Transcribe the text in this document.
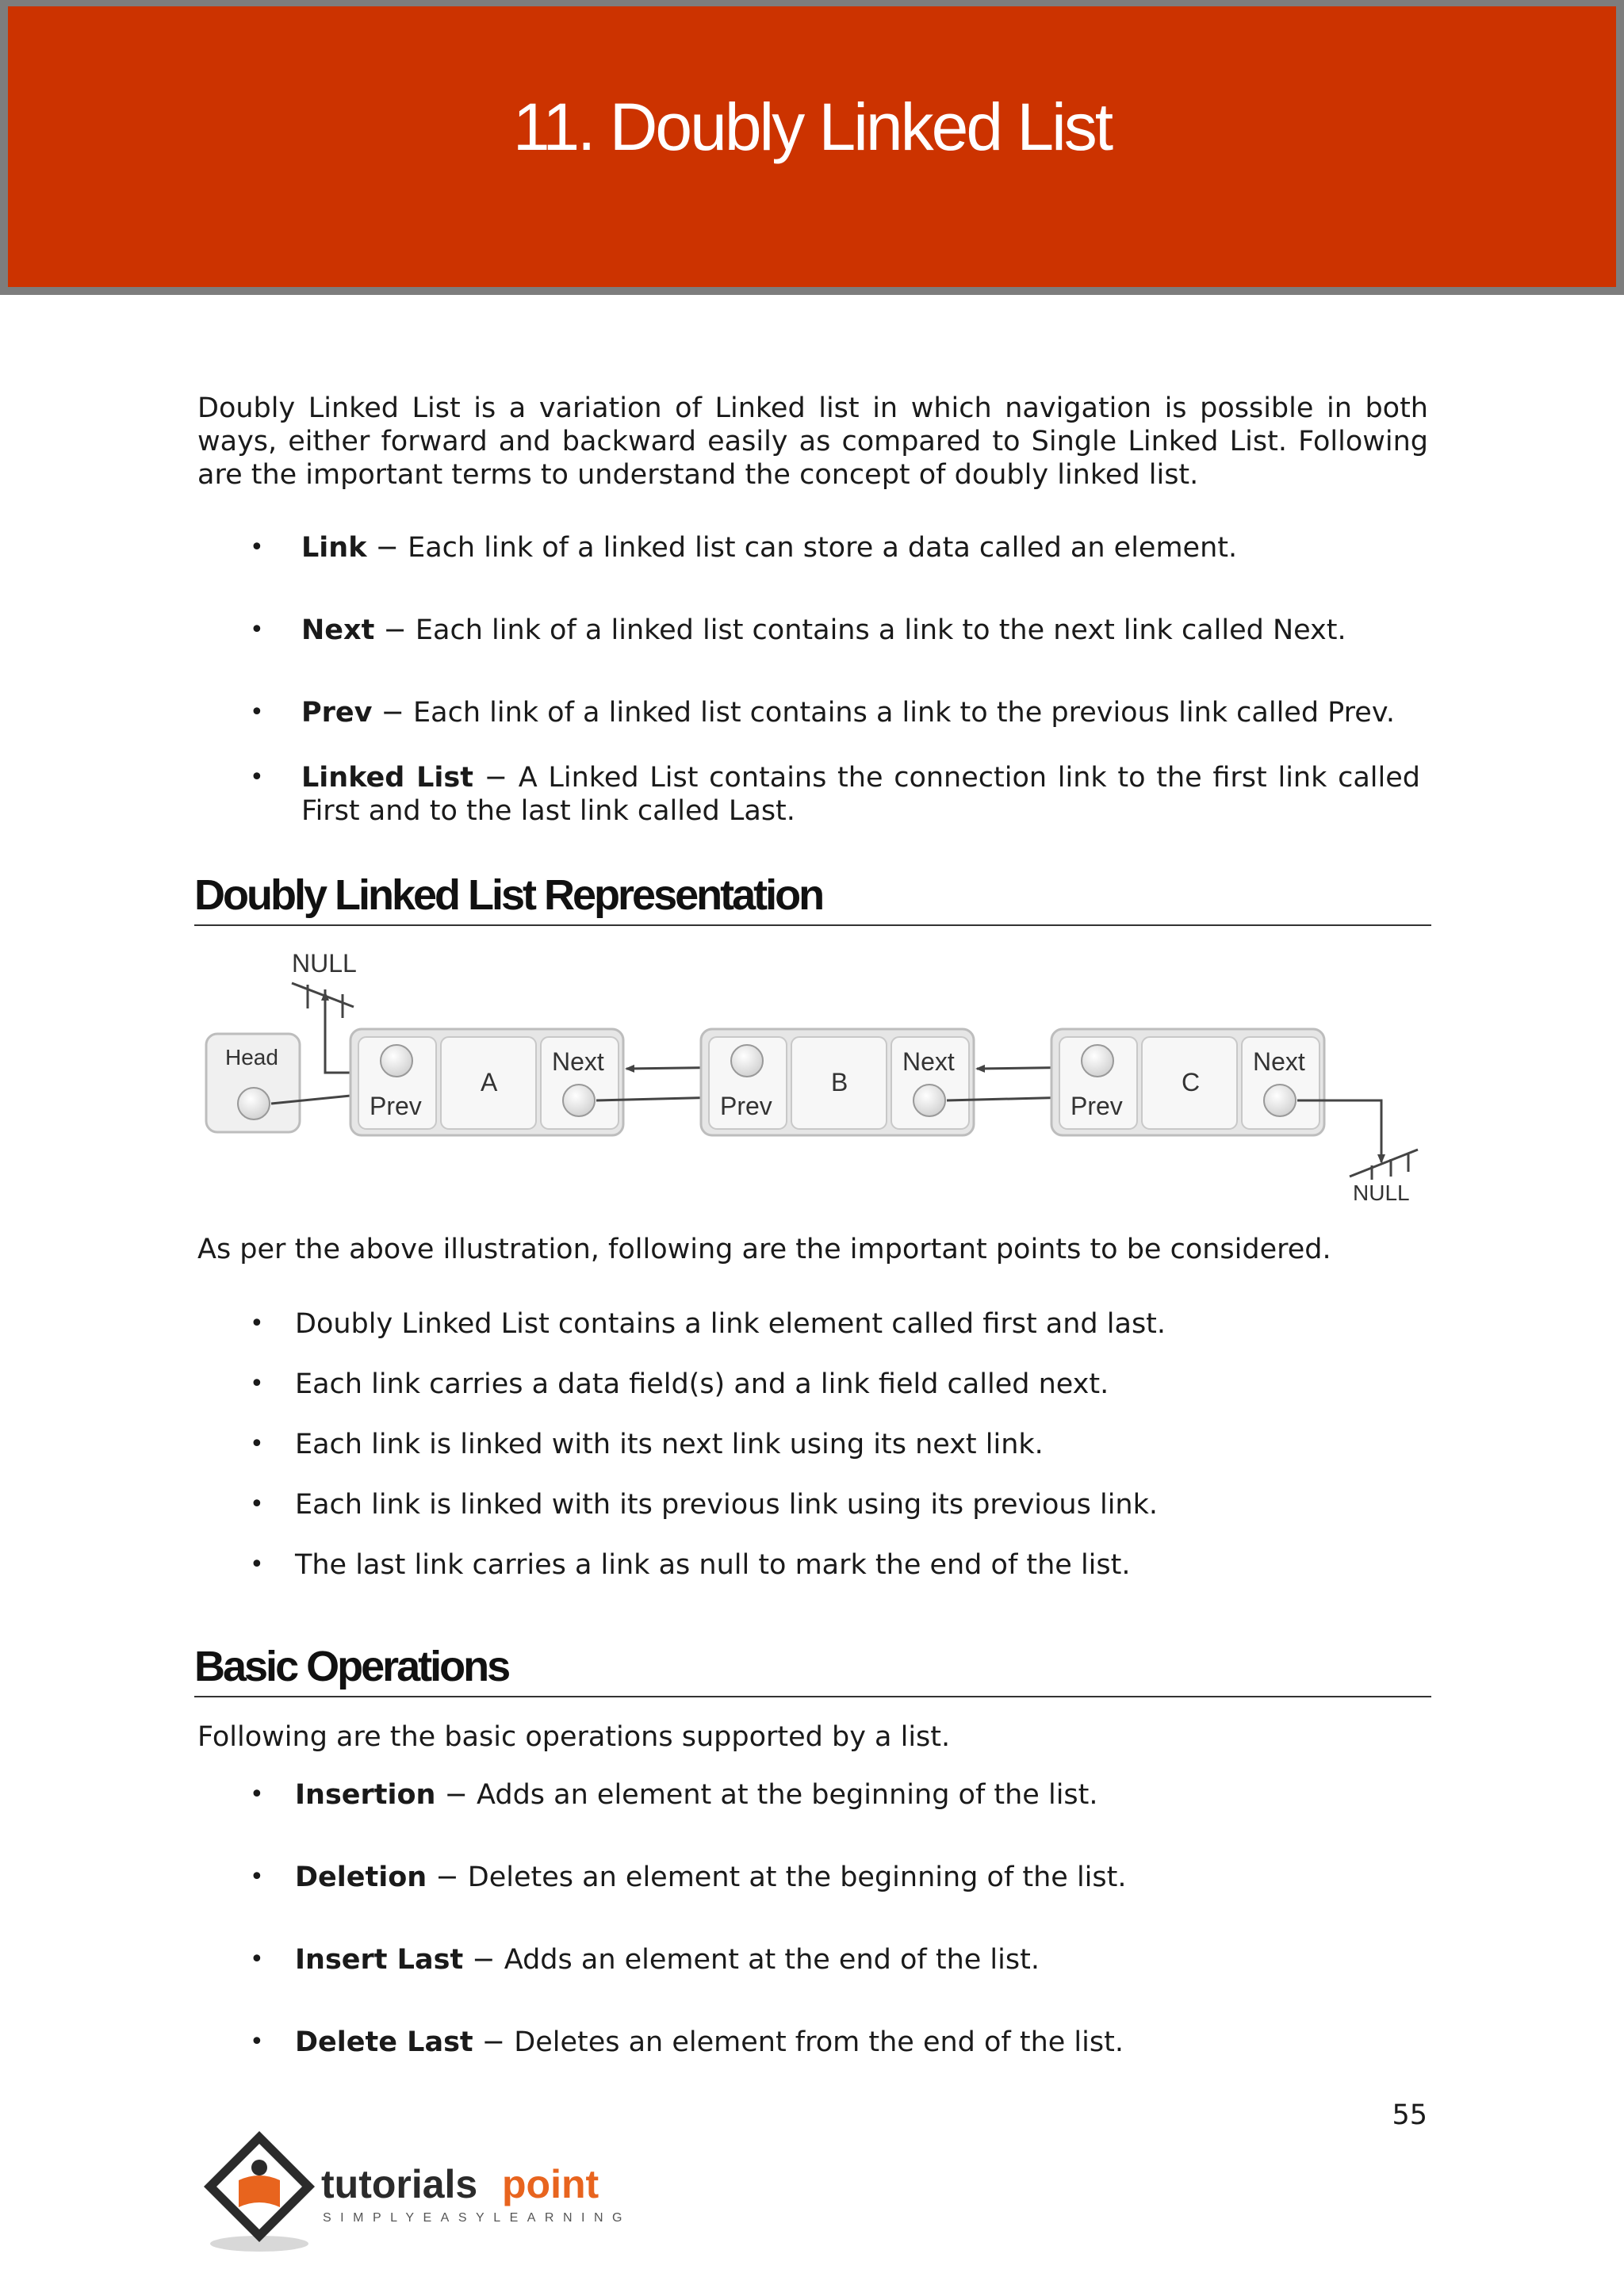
11. Doubly Linked List

Doubly Linked List is a variation of Linked list in which navigation is possible in both ways, either forward and backward easily as compared to Single Linked List. Following are the important terms to understand the concept of doubly linked list.

• Link − Each link of a linked list can store a data called an element.
• Next − Each link of a linked list contains a link to the next link called Next.
• Prev − Each link of a linked list contains a link to the previous link called Prev.
• Linked List − A Linked List contains the connection link to the first link called First and to the last link called Last.
Doubly Linked List Representation
NULL
Head
Prev
A
Next
Prev
B
Next
Prev
C
Next
NULL

As per the above illustration, following are the important points to be considered.

• Doubly Linked List contains a link element called first and last.
• Each link carries a data field(s) and a link field called next.
• Each link is linked with its next link using its next link.
• Each link is linked with its previous link using its previous link.
• The last link carries a link as null to mark the end of the list.
Basic Operations

Following are the basic operations supported by a list.

• Insertion − Adds an element at the beginning of the list.
• Deletion − Deletes an element at the beginning of the list.
• Insert Last − Adds an element at the end of the list.
• Delete Last − Deletes an element from the end of the list.
55
tutorials point
SIMPLYEASYLEARNING
